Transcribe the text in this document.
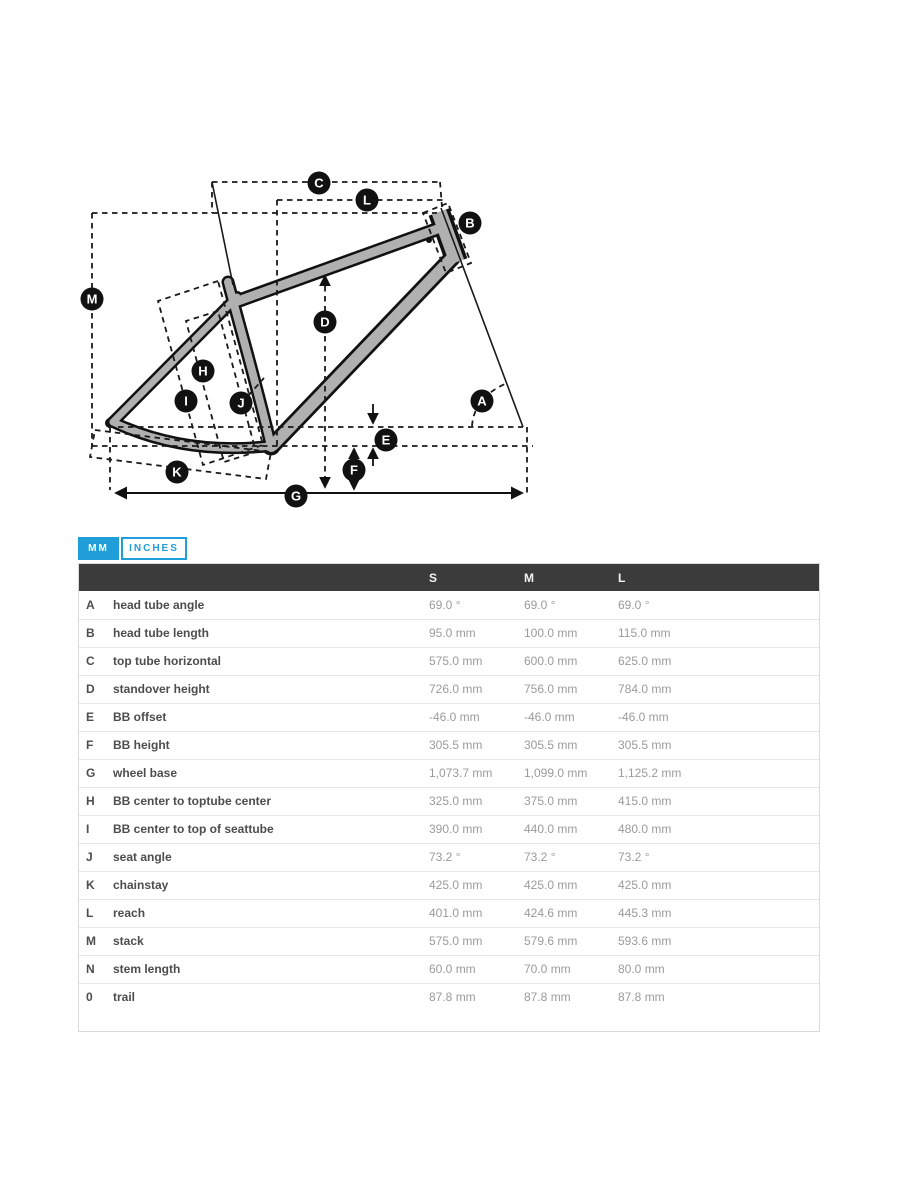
C
L
B
M
D
H
I	J	A
E
F
K
G
MM	INCHES
		S	M	L
A	head tube angle	69.0 °	69.0 °	69.0 °
B	head tube length	95.0 mm	100.0 mm	115.0 mm
C	top tube horizontal	575.0 mm	600.0 mm	625.0 mm
D	standover height	726.0 mm	756.0 mm	784.0 mm
E	BB offset	-46.0 mm	-46.0 mm	-46.0 mm
F	BB height	305.5 mm	305.5 mm	305.5 mm
G	wheel base	1,073.7 mm	1,099.0 mm	1,125.2 mm
H	BB center to toptube center	325.0 mm	375.0 mm	415.0 mm
I	BB center to top of seattube	390.0 mm	440.0 mm	480.0 mm
J	seat angle	73.2 °	73.2 °	73.2 °
K	chainstay	425.0 mm	425.0 mm	425.0 mm
L	reach	401.0 mm	424.6 mm	445.3 mm
M	stack	575.0 mm	579.6 mm	593.6 mm
N	stem length	60.0 mm	70.0 mm	80.0 mm
0	trail	87.8 mm	87.8 mm	87.8 mm
